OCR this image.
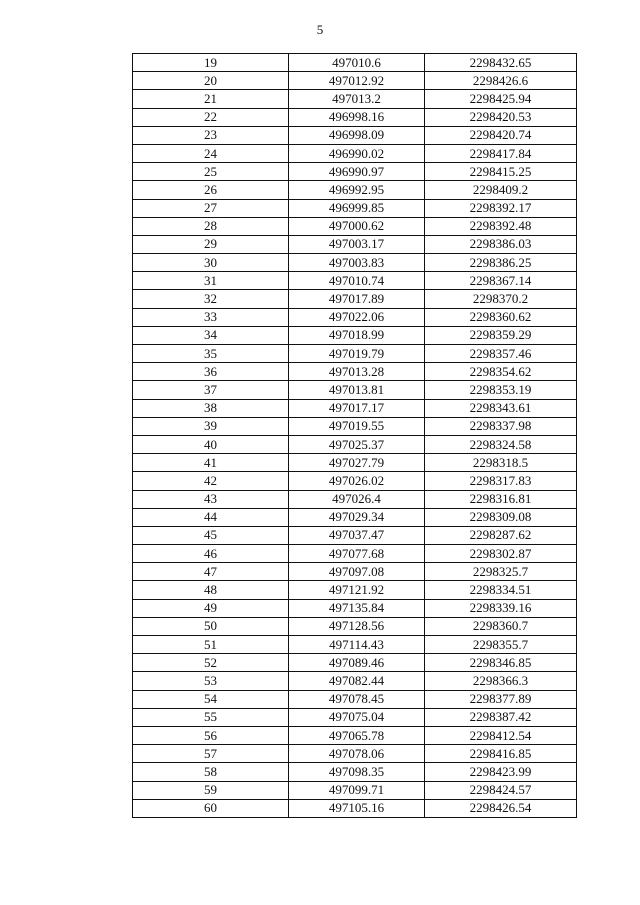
5
19	497010.6	2298432.65
20	497012.92	2298426.6
21	497013.2	2298425.94
22	496998.16	2298420.53
23	496998.09	2298420.74
24	496990.02	2298417.84
25	496990.97	2298415.25
26	496992.95	2298409.2
27	496999.85	2298392.17
28	497000.62	2298392.48
29	497003.17	2298386.03
30	497003.83	2298386.25
31	497010.74	2298367.14
32	497017.89	2298370.2
33	497022.06	2298360.62
34	497018.99	2298359.29
35	497019.79	2298357.46
36	497013.28	2298354.62
37	497013.81	2298353.19
38	497017.17	2298343.61
39	497019.55	2298337.98
40	497025.37	2298324.58
41	497027.79	2298318.5
42	497026.02	2298317.83
43	497026.4	2298316.81
44	497029.34	2298309.08
45	497037.47	2298287.62
46	497077.68	2298302.87
47	497097.08	2298325.7
48	497121.92	2298334.51
49	497135.84	2298339.16
50	497128.56	2298360.7
51	497114.43	2298355.7
52	497089.46	2298346.85
53	497082.44	2298366.3
54	497078.45	2298377.89
55	497075.04	2298387.42
56	497065.78	2298412.54
57	497078.06	2298416.85
58	497098.35	2298423.99
59	497099.71	2298424.57
60	497105.16	2298426.54
